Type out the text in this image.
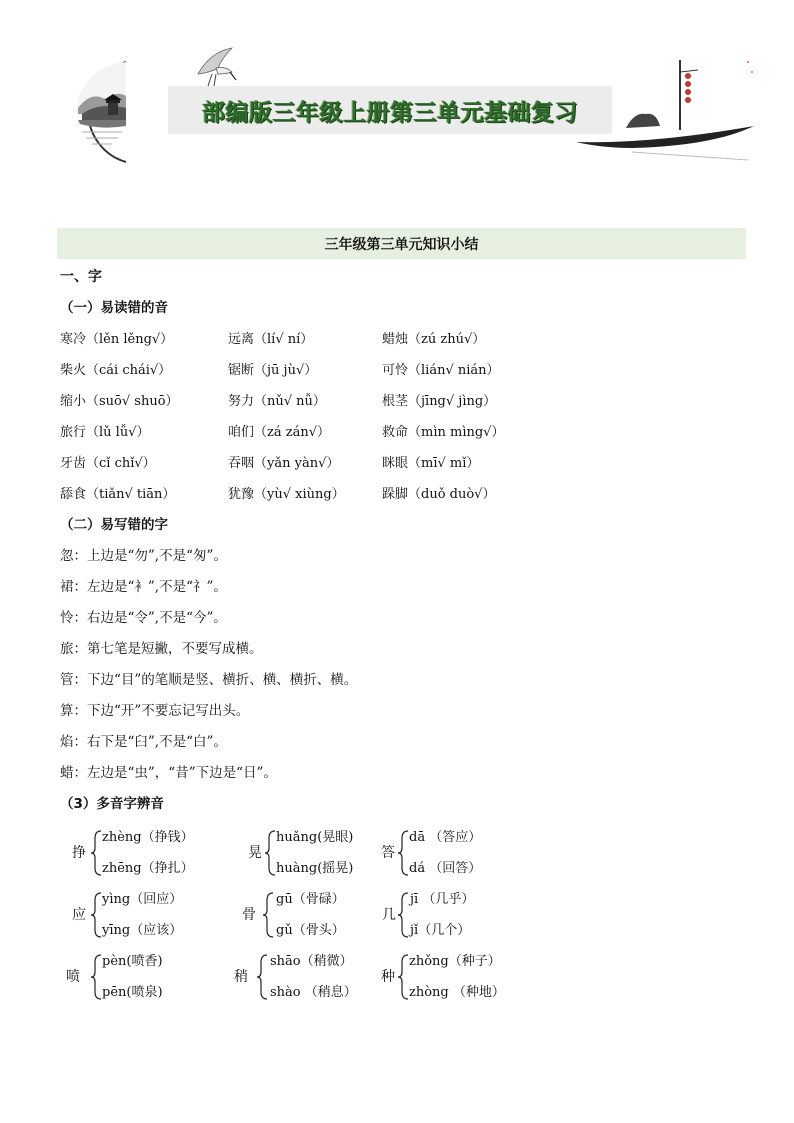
部编版三年级上册第三单元基础复习
三年级第三单元知识小结
一、字
（一）易读错的音
寒冷（lěn lěng√）	远离（lí√ ní）	蜡烛（zú zhú√）
柴火（cái chái√）	锯断（jū jù√）	可怜（lián√ nián）
缩小（suō√ shuō）	努力（nǔ√ nǚ）	根茎（jīng√ jìng）
旅行（lǔ lǚ√）	咱们（zá zán√）	救命（mìn mìng√）
牙齿（cǐ chǐ√）	吞咽（yǎn yàn√）	眯眼（mī√ mǐ）
舔食（tiǎn√ tiān）	犹豫（yù√ xiùng）	跺脚（duǒ duò√）
（二）易写错的字
忽：上边是“勿”,不是“匆”。
裙：左边是“衤”,不是“礻”。
怜：右边是“令”,不是“今”。
旅：第七笔是短撇，不要写成横。
管：下边“目”的笔顺是竖、横折、横、横折、横。
算：下边“开”不要忘记写出头。
焰：右下是“臼”,不是“白”。
蜡：左边是“虫”，“昔”下边是“日”。
（3）多音字辨音
挣
zhèng（挣钱）
zhēng（挣扎）
晃
huǎng(晃眼)
huàng(摇晃)
答
dā （答应）
dá （回答）
应
yìng（回应）
yīng（应该）
骨
gū（骨碌）
gǔ（骨头）
几
jī （几乎）
jǐ（几个）
喷
pèn(喷香)
pēn(喷泉)
稍
shāo（稍微）
shào （稍息）
种
zhǒng（种子）
zhòng （种地）
